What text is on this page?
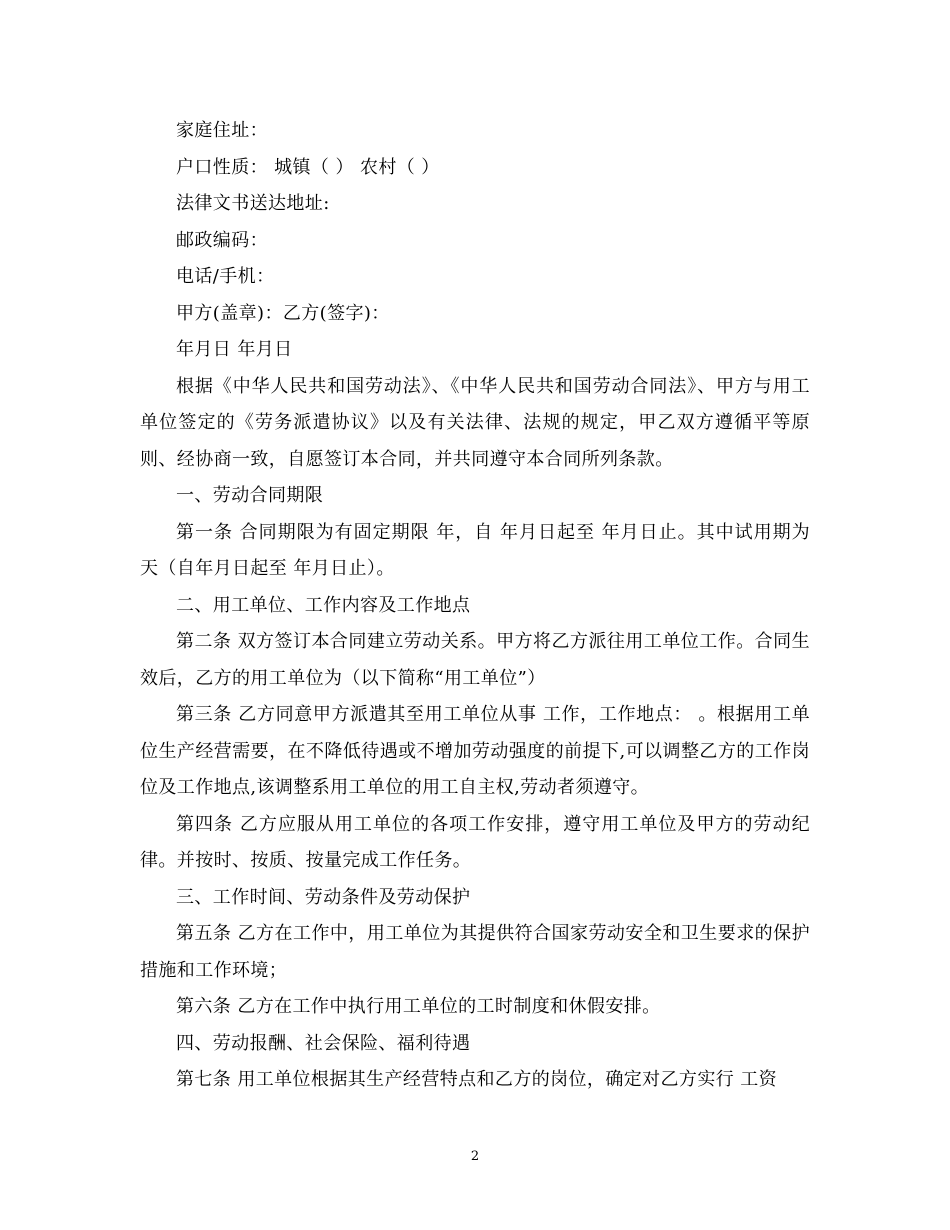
家庭住址：

户口性质： 城镇（ ） 农村（ ）

法律文书送达地址:

邮政编码：

电话/手机：

甲方(盖章)：乙方(签字)：

年月日 年月日

根据《中华人民共和国劳动法》、《中华人民共和国劳动合同法》、甲方与用工单位签定的《劳务派遣协议》以及有关法律、法规的规定，甲乙双方遵循平等原则、经协商一致，自愿签订本合同，并共同遵守本合同所列条款。

一、劳动合同期限

第一条 合同期限为有固定期限 年，自 年月日起至 年月日止。其中试用期为 天（自年月日起至 年月日止）。

二、用工单位、工作内容及工作地点

第二条 双方签订本合同建立劳动关系。甲方将乙方派往用工单位工作。合同生效后，乙方的用工单位为（以下简称“用工单位”）

第三条 乙方同意甲方派遣其至用工单位从事 工作，工作地点： 。根据用工单位生产经营需要，在不降低待遇或不增加劳动强度的前提下,可以调整乙方的工作岗位及工作地点,该调整系用工单位的用工自主权,劳动者须遵守。

第四条 乙方应服从用工单位的各项工作安排，遵守用工单位及甲方的劳动纪律。并按时、按质、按量完成工作任务。

三、工作时间、劳动条件及劳动保护

第五条 乙方在工作中，用工单位为其提供符合国家劳动安全和卫生要求的保护措施和工作环境；

第六条 乙方在工作中执行用工单位的工时制度和休假安排。

四、劳动报酬、社会保险、福利待遇

第七条 用工单位根据其生产经营特点和乙方的岗位，确定对乙方实行 工资

2
